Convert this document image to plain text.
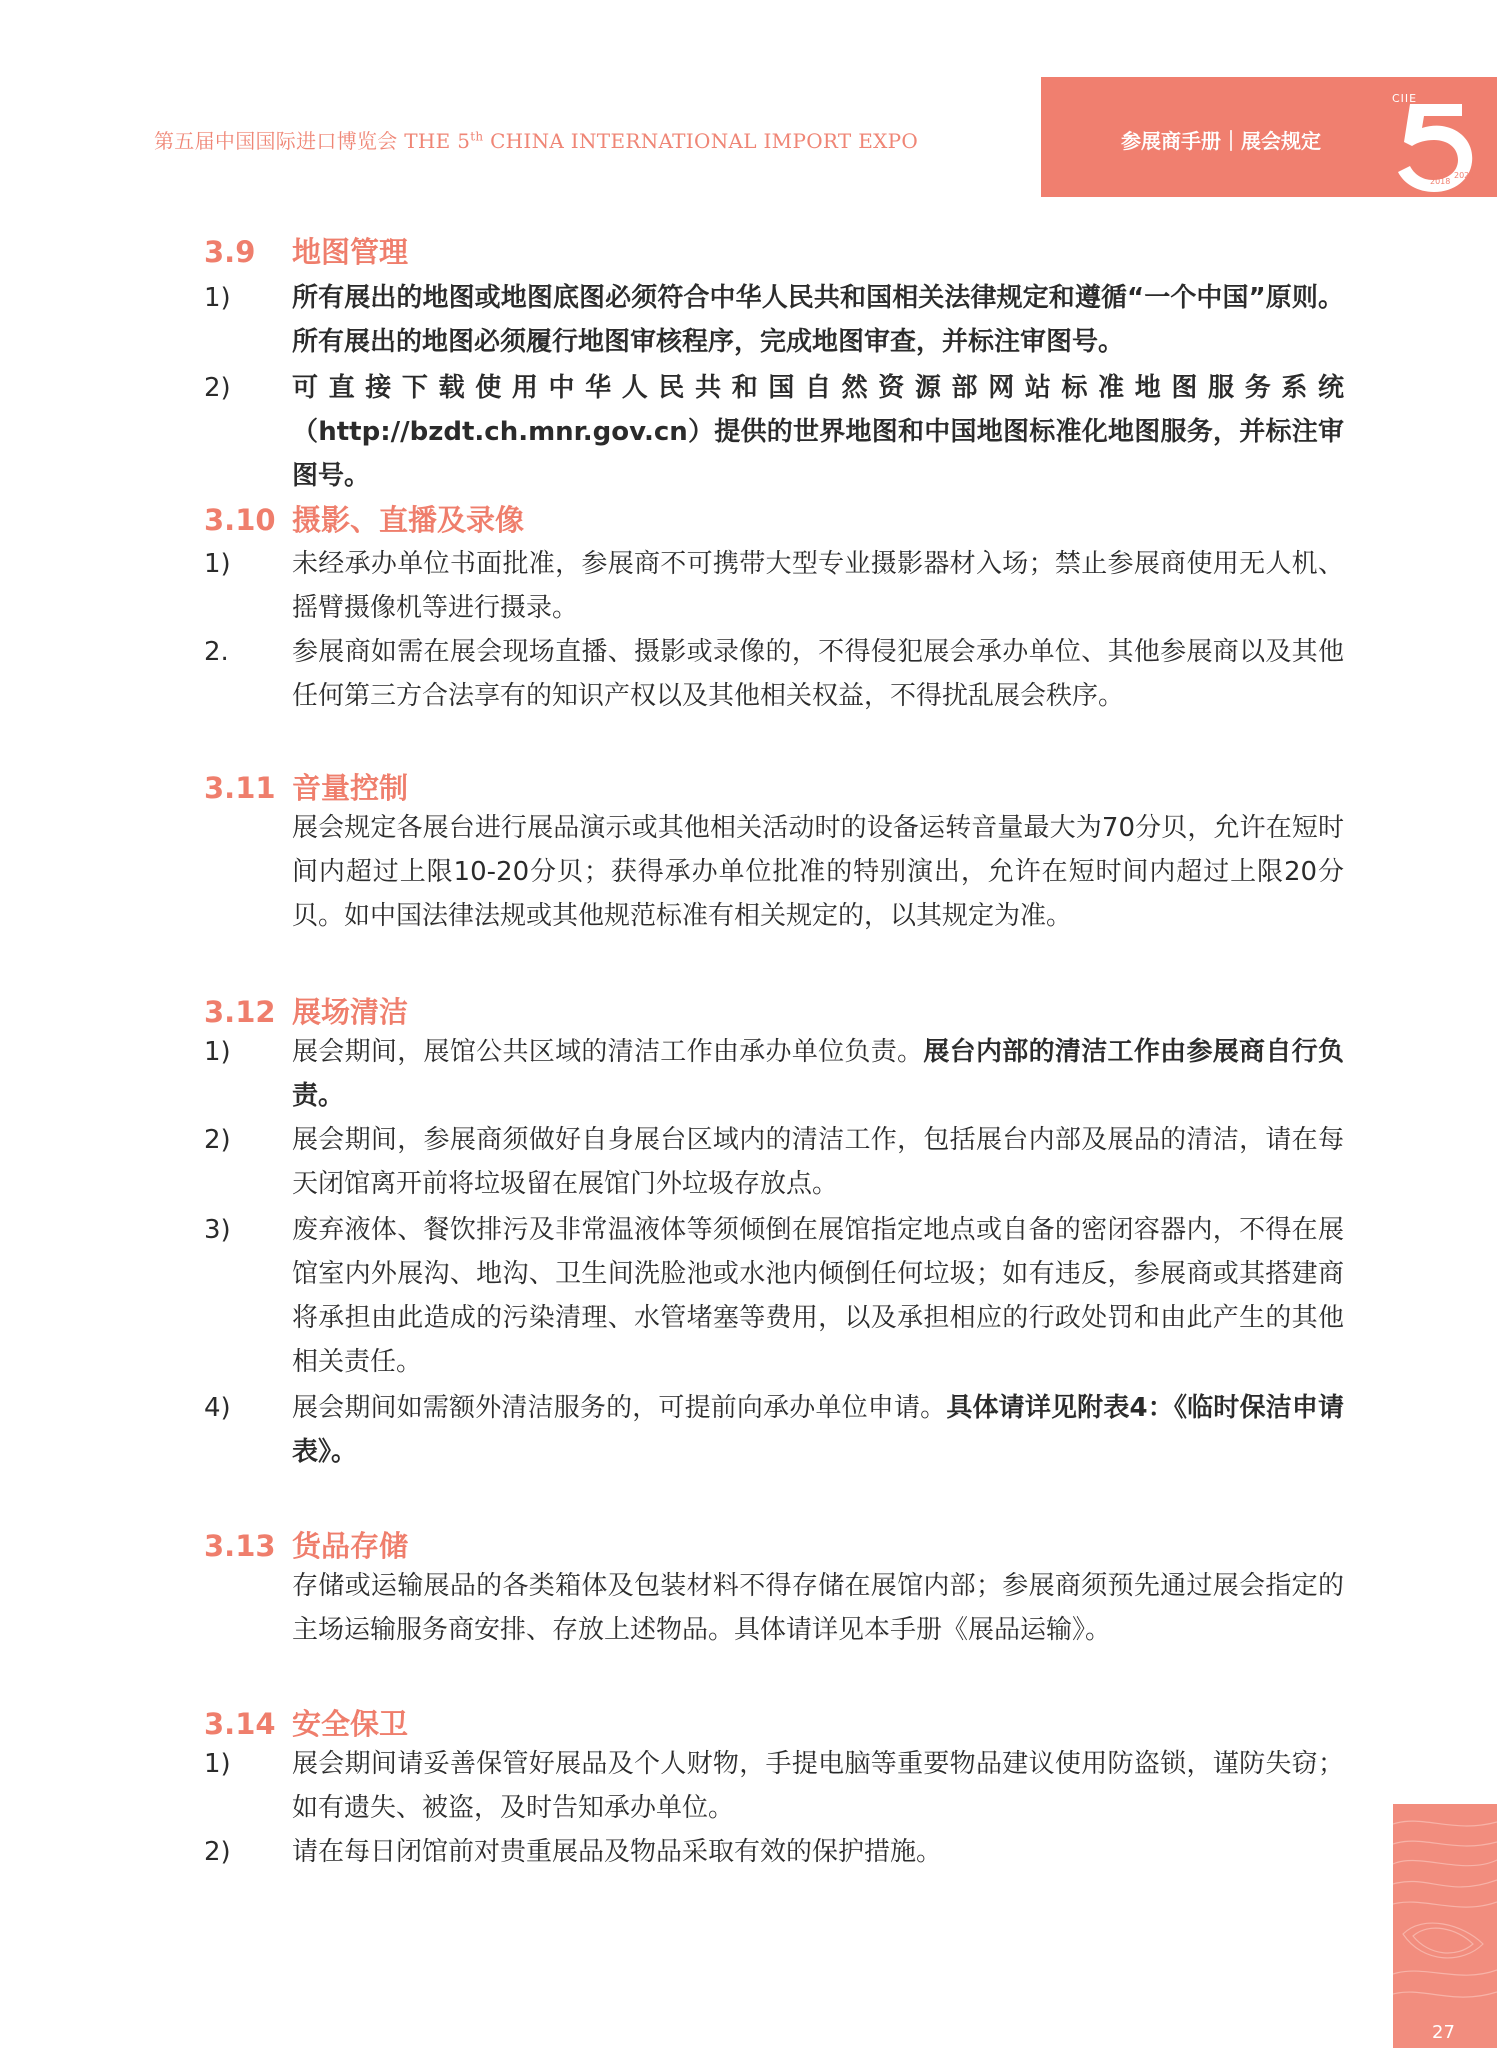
第五届中国国际进口博览会 THE 5th CHINA INTERNATIONAL IMPORT EXPO	参展商手册｜展会规定
2018
2022
CIIE
3.9 地图管理
1) 所有展出的地图或地图底图必须符合中华人民共和国相关法律规定和遵循“一个中国”原则。所有展出的地图必须履行地图审核程序，完成地图审查，并标注审图号。
2) 可直接下载使用中华人民共和国自然资源部网站标准地图服务系统（http://bzdt.ch.mnr.gov.cn）提供的世界地图和中国地图标准化地图服务，并标注审图号。
3.10 摄影、直播及录像
1) 未经承办单位书面批准，参展商不可携带大型专业摄影器材入场；禁止参展商使用无人机、摇臂摄像机等进行摄录。
2. 参展商如需在展会现场直播、摄影或录像的，不得侵犯展会承办单位、其他参展商以及其他任何第三方合法享有的知识产权以及其他相关权益，不得扰乱展会秩序。
3.11 音量控制
展会规定各展台进行展品演示或其他相关活动时的设备运转音量最大为70分贝，允许在短时间内超过上限10-20分贝；获得承办单位批准的特别演出，允许在短时间内超过上限20分贝。如中国法律法规或其他规范标准有相关规定的，以其规定为准。
3.12 展场清洁
1) 展会期间，展馆公共区域的清洁工作由承办单位负责。展台内部的清洁工作由参展商自行负责。
2) 展会期间，参展商须做好自身展台区域内的清洁工作，包括展台内部及展品的清洁，请在每天闭馆离开前将垃圾留在展馆门外垃圾存放点。
3) 废弃液体、餐饮排污及非常温液体等须倾倒在展馆指定地点或自备的密闭容器内，不得在展馆室内外展沟、地沟、卫生间洗脸池或水池内倾倒任何垃圾；如有违反，参展商或其搭建商将承担由此造成的污染清理、水管堵塞等费用，以及承担相应的行政处罚和由此产生的其他相关责任。
4) 展会期间如需额外清洁服务的，可提前向承办单位申请。具体请详见附表4：《临时保洁申请表》。
3.13 货品存储
存储或运输展品的各类箱体及包装材料不得存储在展馆内部；参展商须预先通过展会指定的主场运输服务商安排、存放上述物品。具体请详见本手册《展品运输》。
3.14 安全保卫
1) 展会期间请妥善保管好展品及个人财物，手提电脑等重要物品建议使用防盗锁，谨防失窃；如有遗失、被盗，及时告知承办单位。
2) 请在每日闭馆前对贵重展品及物品采取有效的保护措施。
27
